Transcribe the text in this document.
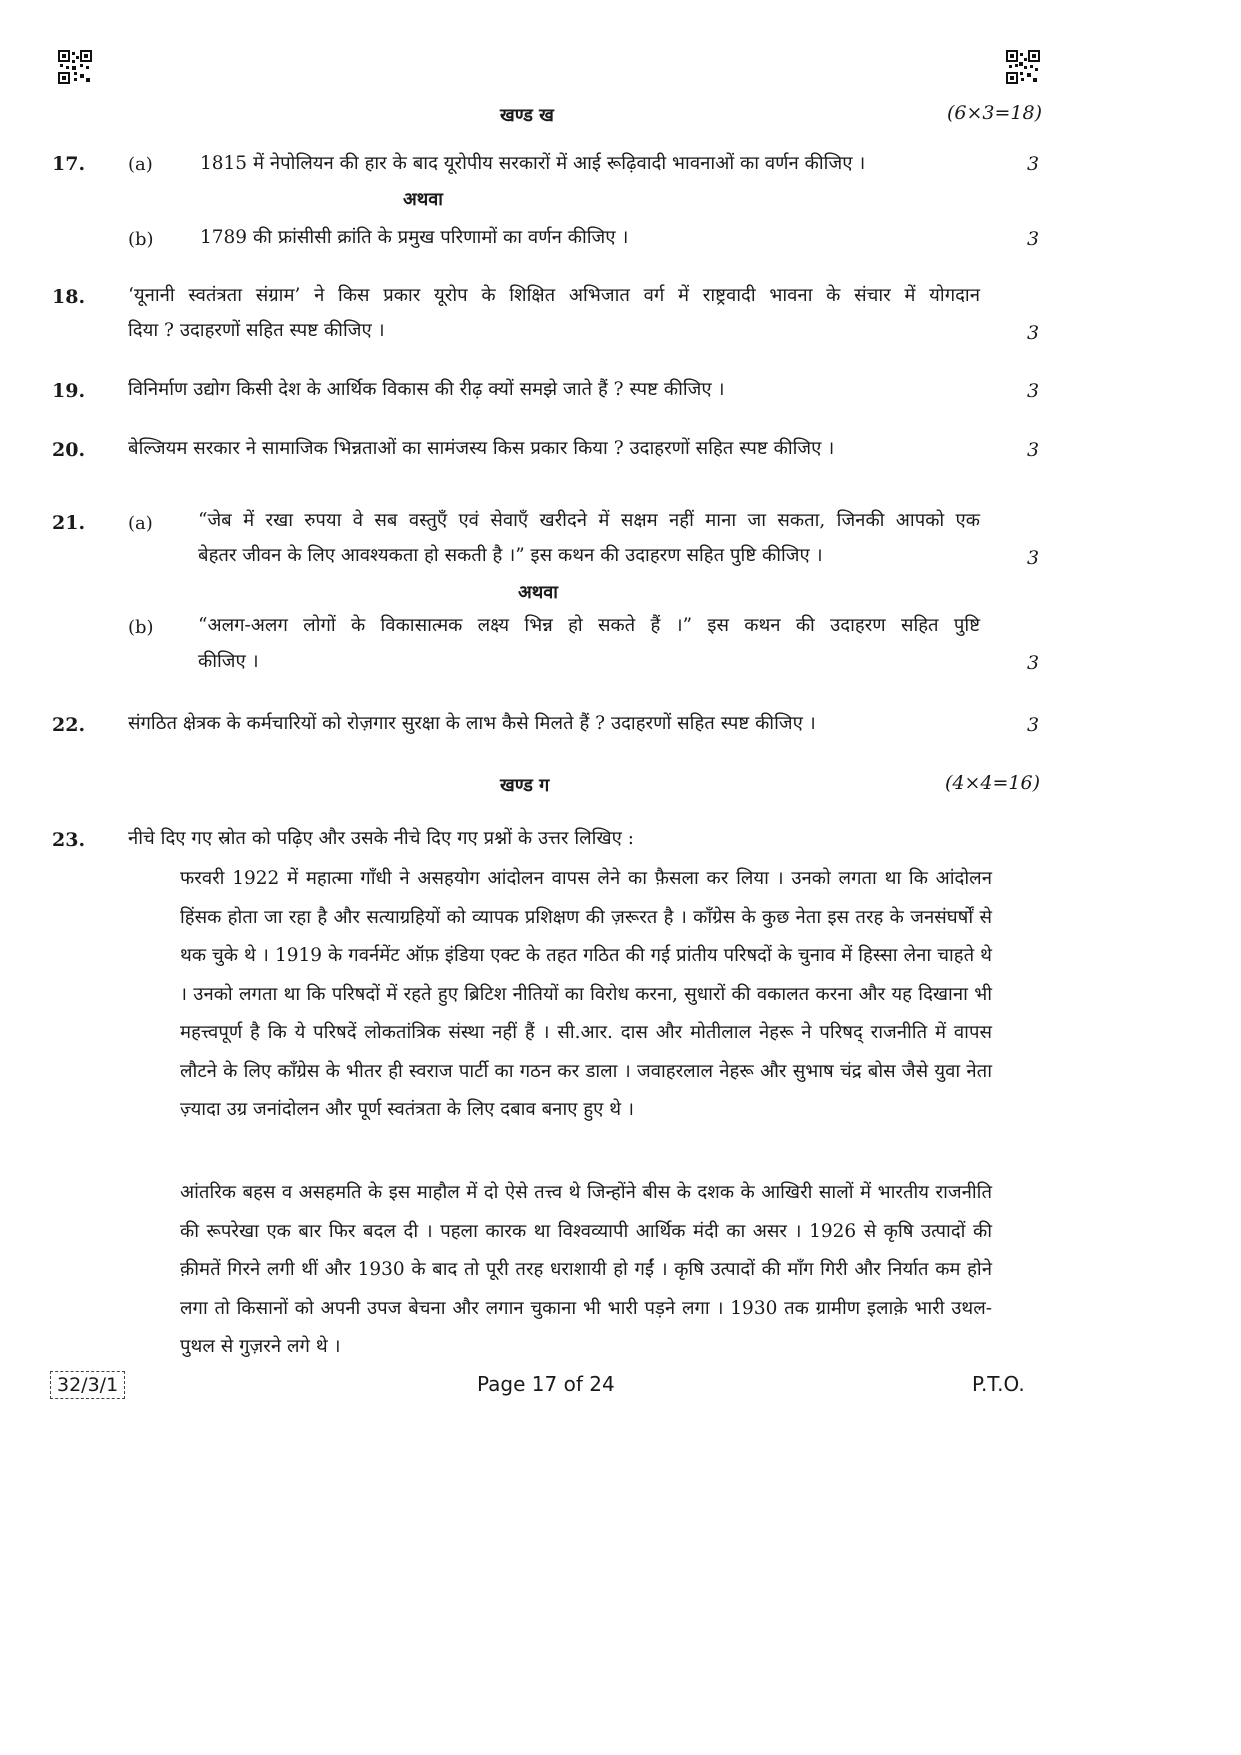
खण्ड ख	(6×3=18)
17. (a)	1815 में नेपोलियन की हार के बाद यूरोपीय सरकारों में आई रूढ़िवादी भावनाओं का वर्णन कीजिए ।	3
अथवा
(b)	1789 की फ्रांसीसी क्रांति के प्रमुख परिणामों का वर्णन कीजिए ।	3
18. ‘यूनानी स्वतंत्रता संग्राम’ ने किस प्रकार यूरोप के शिक्षित अभिजात वर्ग में राष्ट्रवादी भावना के संचार में योगदान
दिया ? उदाहरणों सहित स्पष्ट कीजिए ।	3
19. विनिर्माण उद्योग किसी देश के आर्थिक विकास की रीढ़ क्यों समझे जाते हैं ? स्पष्ट कीजिए ।	3
20. बेल्जियम सरकार ने सामाजिक भिन्नताओं का सामंजस्य किस प्रकार किया ? उदाहरणों सहित स्पष्ट कीजिए ।	3
21. (a) “जेब में रखा रुपया वे सब वस्तुएँ एवं सेवाएँ खरीदने में सक्षम नहीं माना जा सकता, जिनकी आपको एक
बेहतर जीवन के लिए आवश्यकता हो सकती है ।” इस कथन की उदाहरण सहित पुष्टि कीजिए ।	3
अथवा
(b) “अलग-अलग लोगों के विकासात्मक लक्ष्य भिन्न हो सकते हैं ।” इस कथन की उदाहरण सहित पुष्टि
कीजिए ।	3
22. संगठित क्षेत्रक के कर्मचारियों को रोज़गार सुरक्षा के लाभ कैसे मिलते हैं ? उदाहरणों सहित स्पष्ट कीजिए ।	3
खण्ड ग	(4×4=16)
23. नीचे दिए गए स्रोत को पढ़िए और उसके नीचे दिए गए प्रश्नों के उत्तर लिखिए :
फरवरी 1922 में महात्मा गाँधी ने असहयोग आंदोलन वापस लेने का फ़ैसला कर लिया । उनको लगता था कि आंदोलन हिंसक होता जा रहा है और सत्याग्रहियों को व्यापक प्रशिक्षण की ज़रूरत है । काँग्रेस के कुछ नेता इस तरह के जनसंघर्षों से थक चुके थे । 1919 के गवर्नमेंट ऑफ़ इंडिया एक्ट के तहत गठित की गई प्रांतीय परिषदों के चुनाव में हिस्सा लेना चाहते थे । उनको लगता था कि परिषदों में रहते हुए ब्रिटिश नीतियों का विरोध करना, सुधारों की वकालत करना और यह दिखाना भी महत्त्वपूर्ण है कि ये परिषदें लोकतांत्रिक संस्था नहीं हैं । सी.आर. दास और मोतीलाल नेहरू ने परिषद् राजनीति में वापस लौटने के लिए काँग्रेस के भीतर ही स्वराज पार्टी का गठन कर डाला । जवाहरलाल नेहरू और सुभाष चंद्र बोस जैसे युवा नेता ज़्यादा उग्र जनांदोलन और पूर्ण स्वतंत्रता के लिए दबाव बनाए हुए थे ।
आंतरिक बहस व असहमति के इस माहौल में दो ऐसे तत्त्व थे जिन्होंने बीस के दशक के आखिरी सालों में भारतीय राजनीति की रूपरेखा एक बार फिर बदल दी । पहला कारक था विश्वव्यापी आर्थिक मंदी का असर । 1926 से कृषि उत्पादों की क़ीमतें गिरने लगी थीं और 1930 के बाद तो पूरी तरह धराशायी हो गईं । कृषि उत्पादों की माँग गिरी और निर्यात कम होने लगा तो किसानों को अपनी उपज बेचना और लगान चुकाना भी भारी पड़ने लगा । 1930 तक ग्रामीण इलाक़े भारी उथल-पुथल से गुज़रने लगे थे ।
32/3/1	Page 17 of 24	P.T.O.
